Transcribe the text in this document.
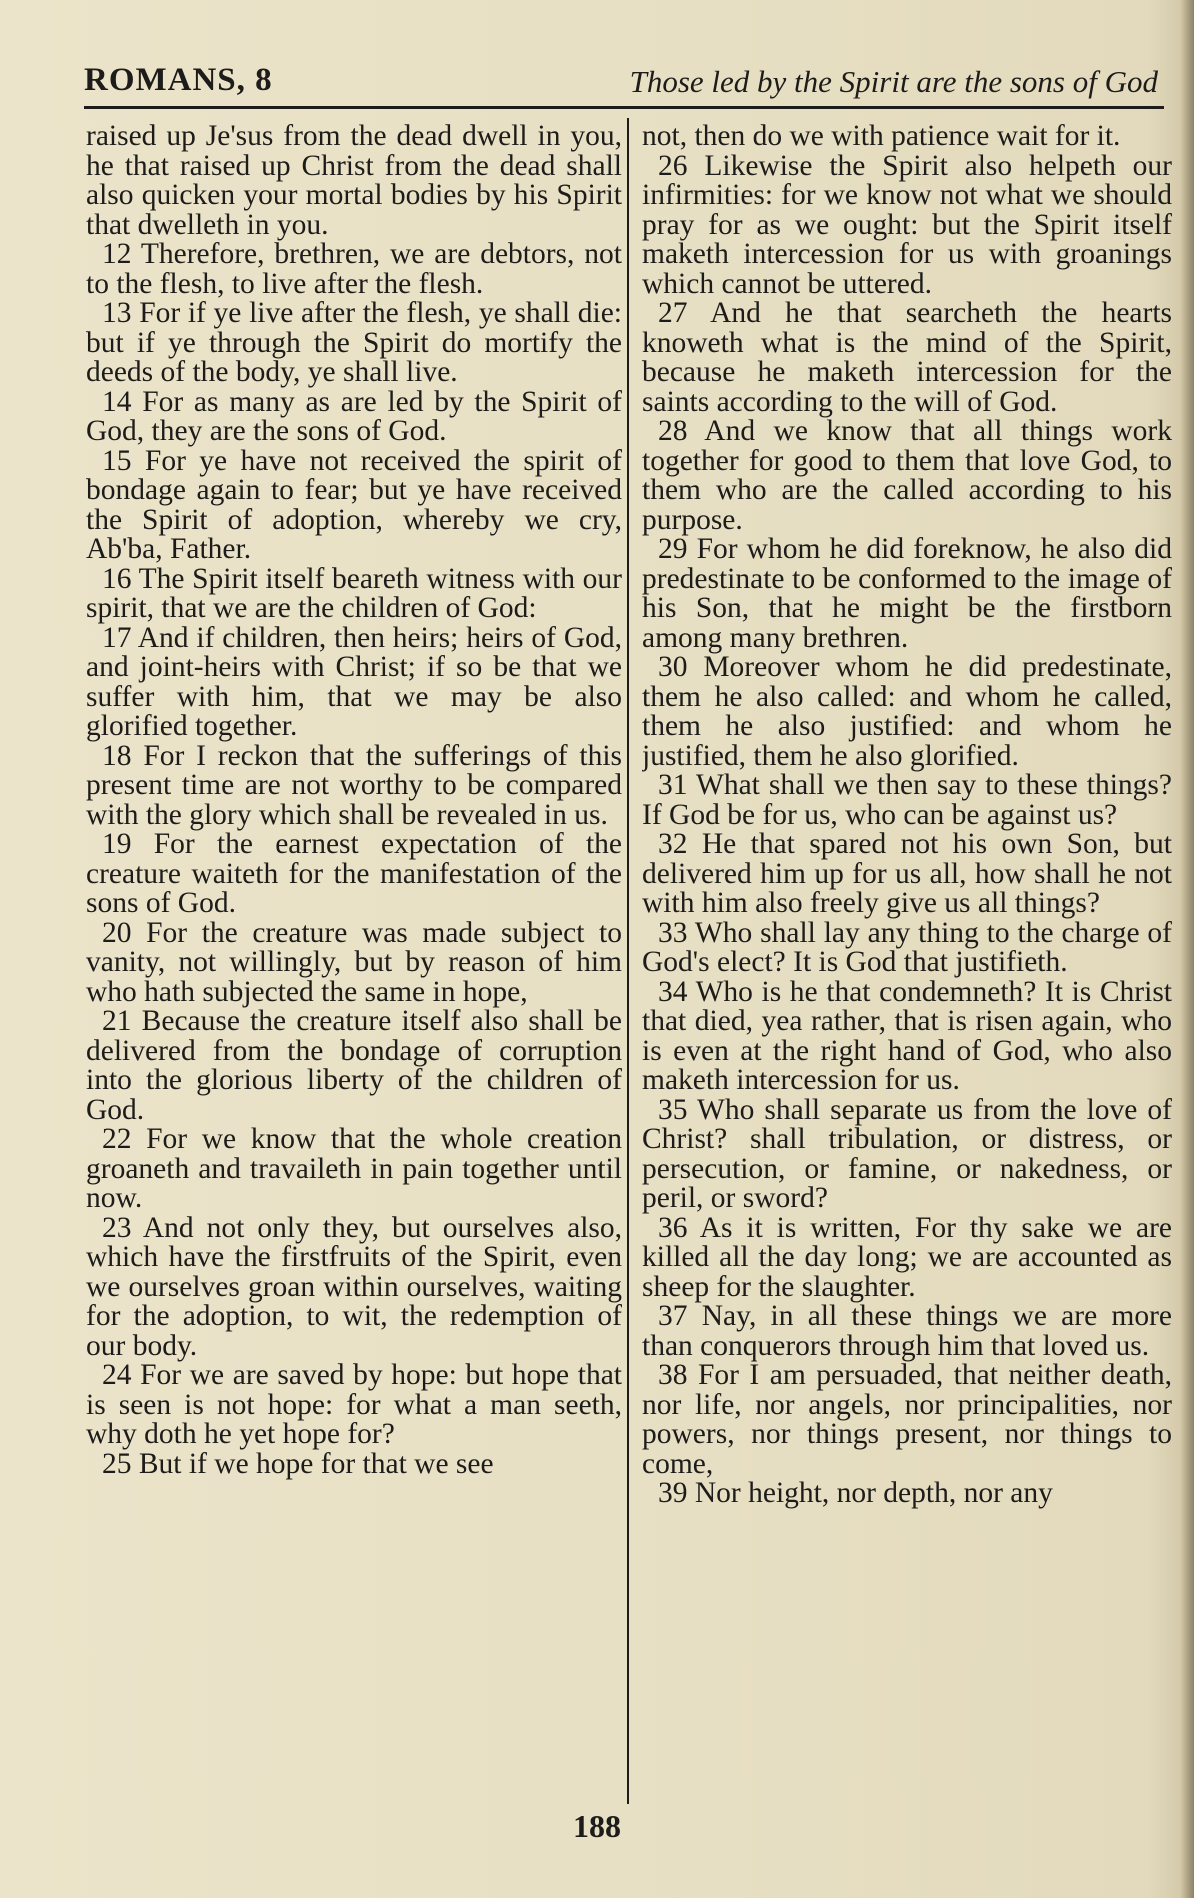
ROMANS, 8	Those led by the Spirit are the sons of God

raised up Je'sus from the dead dwell in you, he that raised up Christ from the dead shall also quicken your mortal bodies by his Spirit that dwelleth in you.

12 Therefore, brethren, we are debtors, not to the flesh, to live after the flesh.

13 For if ye live after the flesh, ye shall die: but if ye through the Spirit do mortify the deeds of the body, ye shall live.

14 For as many as are led by the Spirit of God, they are the sons of God.

15 For ye have not received the spirit of bondage again to fear; but ye have received the Spirit of adoption, whereby we cry, Ab'ba, Father.

16 The Spirit itself beareth witness with our spirit, that we are the children of God:

17 And if children, then heirs; heirs of God, and joint-heirs with Christ; if so be that we suffer with him, that we may be also glorified together.

18 For I reckon that the sufferings of this present time are not worthy to be compared with the glory which shall be revealed in us.

19 For the earnest expectation of the creature waiteth for the manifestation of the sons of God.

20 For the creature was made subject to vanity, not willingly, but by reason of him who hath subjected the same in hope,

21 Because the creature itself also shall be delivered from the bondage of corruption into the glorious liberty of the children of God.

22 For we know that the whole creation groaneth and travaileth in pain together until now.

23 And not only they, but ourselves also, which have the firstfruits of the Spirit, even we ourselves groan within ourselves, waiting for the adoption, to wit, the redemption of our body.

24 For we are saved by hope: but hope that is seen is not hope: for what a man seeth, why doth he yet hope for?

25 But if we hope for that we see

not, then do we with patience wait for it.

26 Likewise the Spirit also helpeth our infirmities: for we know not what we should pray for as we ought: but the Spirit itself maketh intercession for us with groanings which cannot be uttered.

27 And he that searcheth the hearts knoweth what is the mind of the Spirit, because he maketh intercession for the saints according to the will of God.

28 And we know that all things work together for good to them that love God, to them who are the called according to his purpose.

29 For whom he did foreknow, he also did predestinate to be conformed to the image of his Son, that he might be the firstborn among many brethren.

30 Moreover whom he did predestinate, them he also called: and whom he called, them he also justified: and whom he justified, them he also glorified.

31 What shall we then say to these things? If God be for us, who can be against us?

32 He that spared not his own Son, but delivered him up for us all, how shall he not with him also freely give us all things?

33 Who shall lay any thing to the charge of God's elect? It is God that justifieth.

34 Who is he that condemneth? It is Christ that died, yea rather, that is risen again, who is even at the right hand of God, who also maketh intercession for us.

35 Who shall separate us from the love of Christ? shall tribulation, or distress, or persecution, or famine, or nakedness, or peril, or sword?

36 As it is written, For thy sake we are killed all the day long; we are accounted as sheep for the slaughter.

37 Nay, in all these things we are more than conquerors through him that loved us.

38 For I am persuaded, that neither death, nor life, nor angels, nor principalities, nor powers, nor things present, nor things to come,

39 Nor height, nor depth, nor any

188
